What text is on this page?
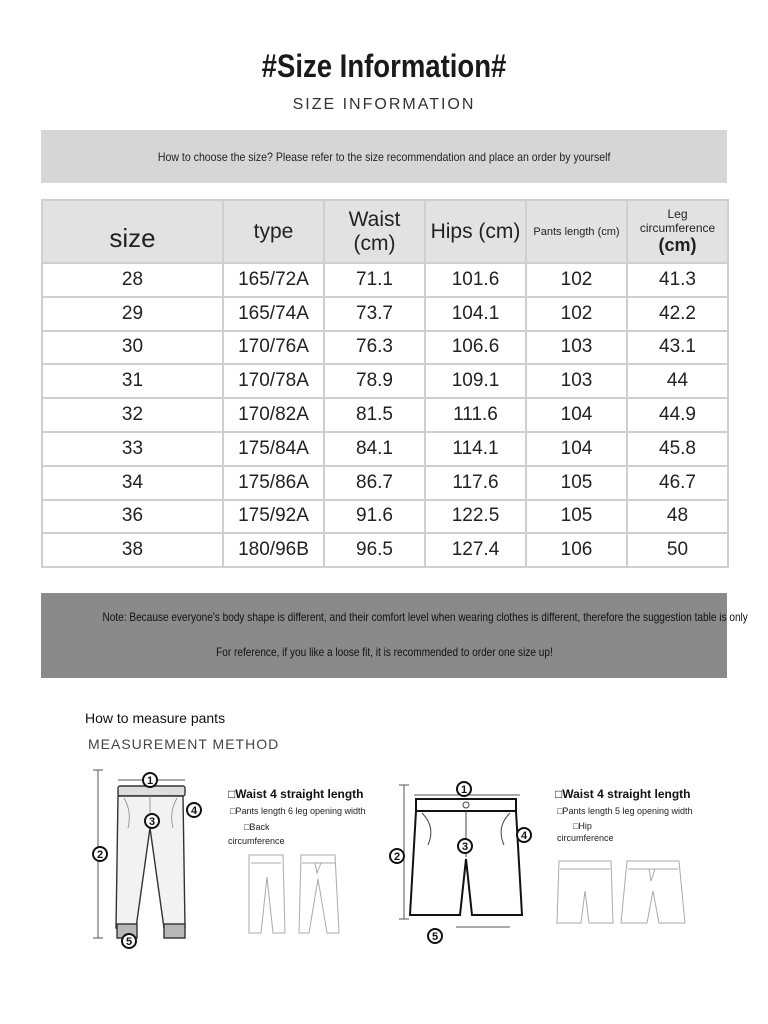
#Size Information#
SIZE INFORMATION
How to choose the size? Please refer to the size recommendation and place an order by yourself
size	type	Waist (cm)	Hips (cm)	Pants length (cm)	Leg
circumference
(cm)

28	165/72A	71.1	101.6	102	41.3
29	165/74A	73.7	104.1	102	42.2
30	170/76A	76.3	106.6	103	43.1
31	170/78A	78.9	109.1	103	44
32	170/82A	81.5	111.6	104	44.9
33	175/84A	84.1	114.1	104	45.8
34	175/86A	86.7	117.6	105	46.7
36	175/92A	91.6	122.5	105	48
38	180/96B	96.5	127.4	106	50
Note: Because everyone's body shape is different, and their comfort level when wearing clothes is different, therefore the suggestion table is only
For reference, if you like a loose fit, it is recommended to order one size up!
How to measure pants
MEASUREMENT METHOD
1
2
3
4
5
□Waist 4 straight length
□Pants length 6 leg opening width
□Back
circumference
1
2
3
4
5
□Waist 4 straight length
□Pants length 5 leg opening width
□Hip
circumference
